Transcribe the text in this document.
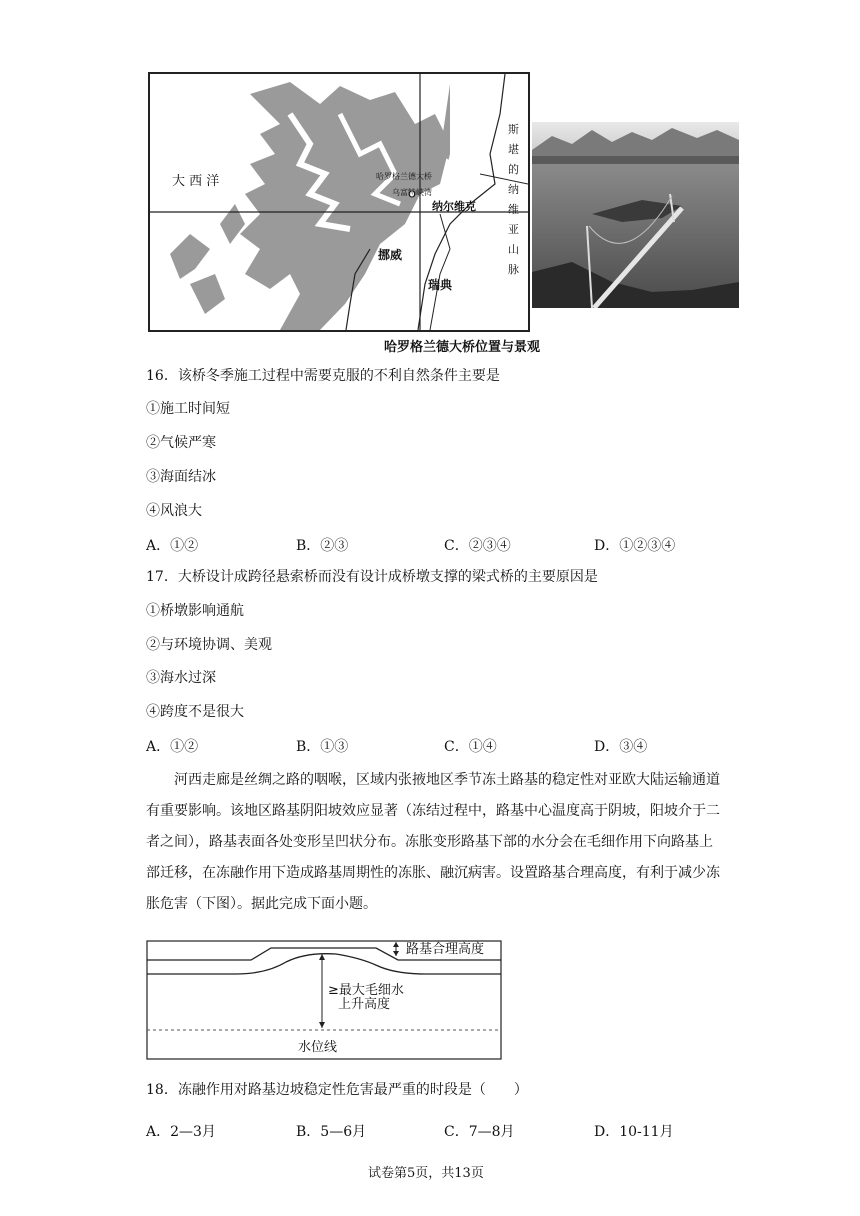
大 西 洋	哈罗格兰德大桥
乌富特峡湾
纳尔维克
挪威
瑞典
斯
堪
的
纳
维
亚
山
脉
哈罗格兰德大桥位置与景观
16．该桥冬季施工过程中需要克服的不利自然条件主要是
①施工时间短
②气候严寒
③海面结冰
④风浪大
A．①②	B．②③	C．②③④	D．①②③④
17．大桥设计成跨径悬索桥而没有设计成桥墩支撑的梁式桥的主要原因是
①桥墩影响通航
②与环境协调、美观
③海水过深
④跨度不是很大
A．①②	B．①③	C．①④	D．③④
河西走廊是丝绸之路的咽喉，区域内张掖地区季节冻土路基的稳定性对亚欧大陆运输通道有重要影响。该地区路基阴阳坡效应显著（冻结过程中，路基中心温度高于阴坡，阳坡介于二者之间），路基表面各处变形呈凹状分布。冻胀变形路基下部的水分会在毛细作用下向路基上部迁移，在冻融作用下造成路基周期性的冻胀、融沉病害。设置路基合理高度，有利于减少冻胀危害（下图）。据此完成下面小题。
路基合理高度
≥最大毛细水
上升高度
水位线
18．冻融作用对路基边坡稳定性危害最严重的时段是（　　）
A．2—3月	B．5—6月	C．7—8月	D．10-11月
试卷第5页，共13页
